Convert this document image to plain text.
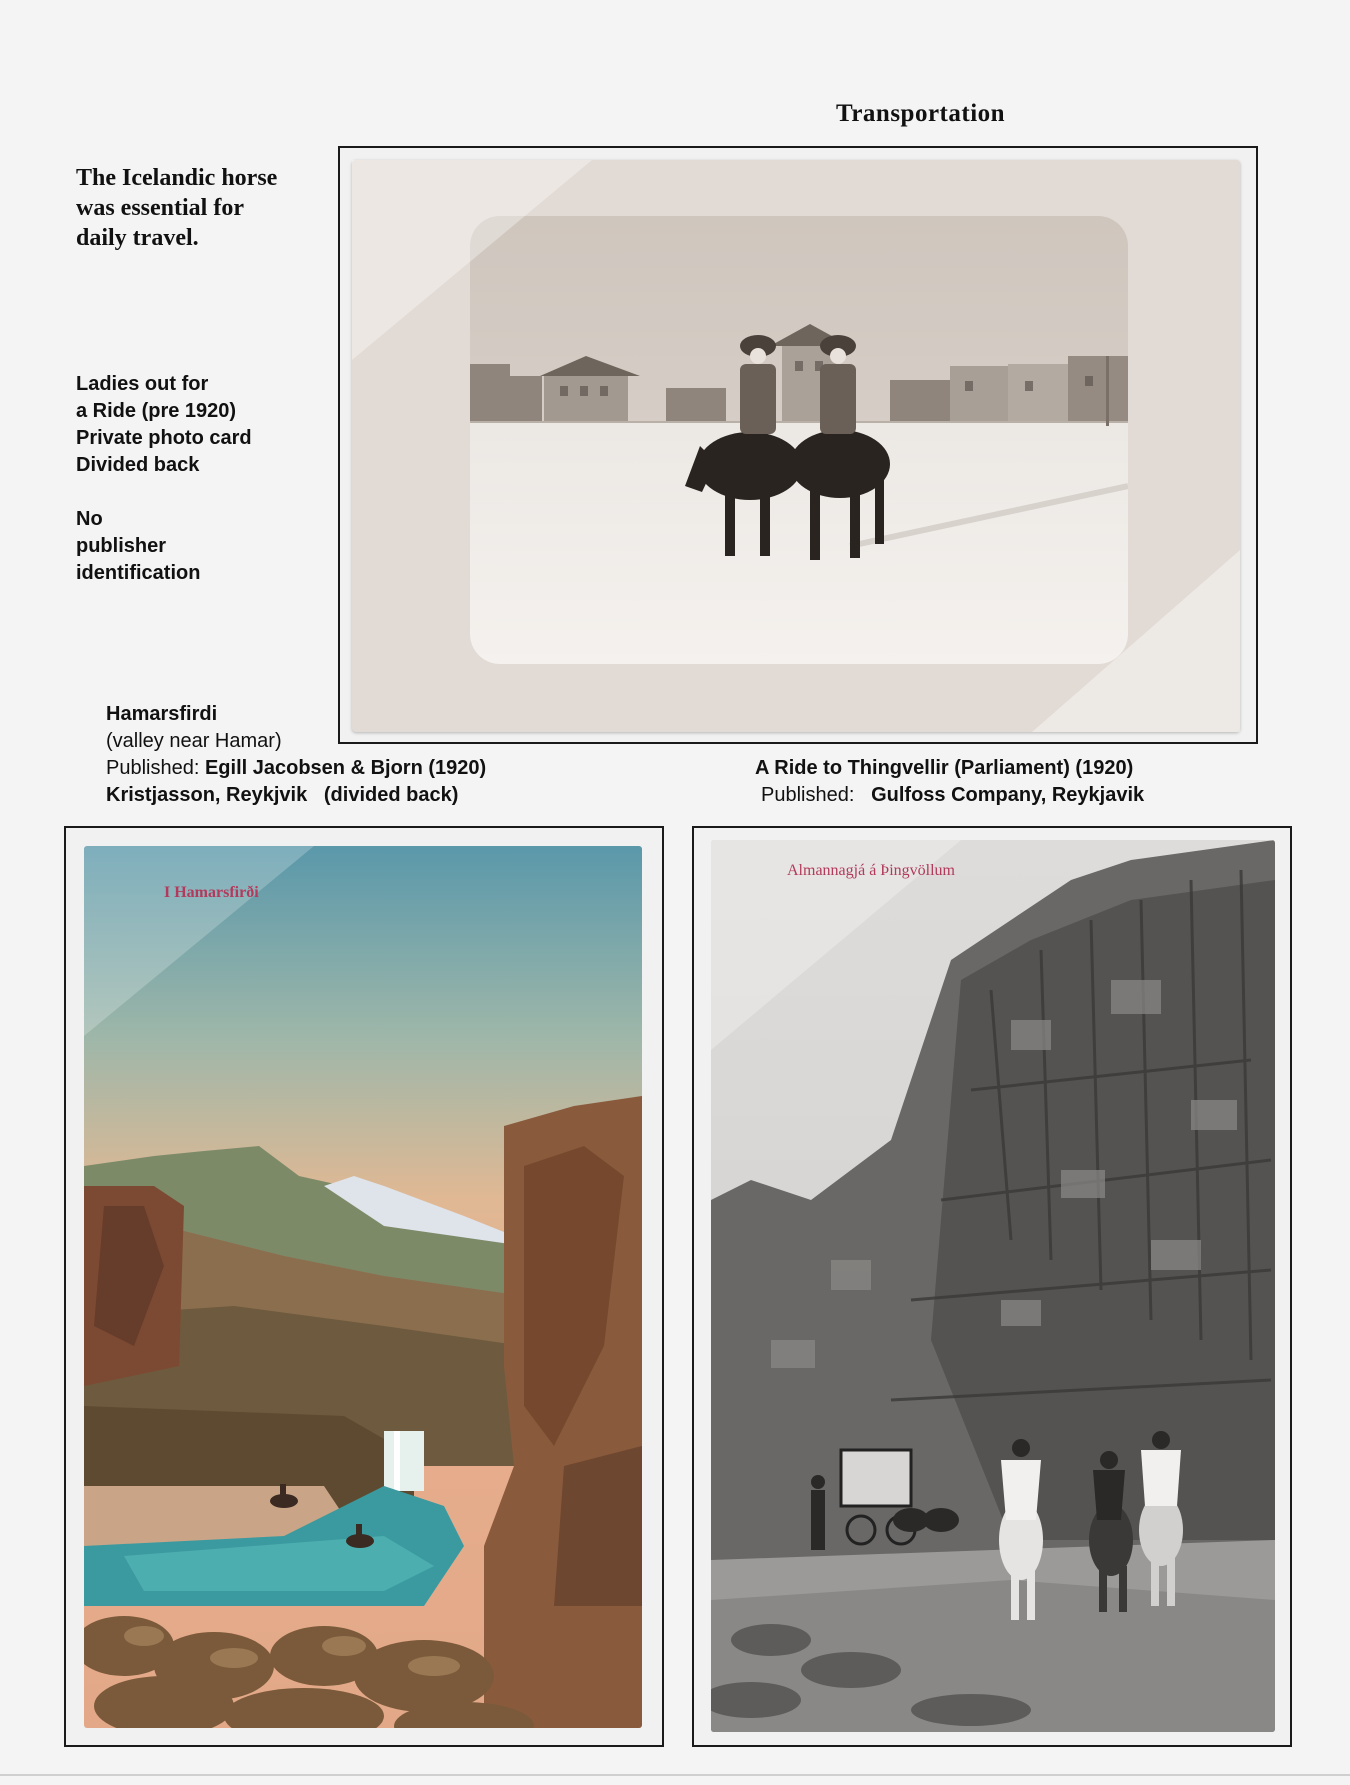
Transportation
The Icelandic horse was essential for daily travel.
Ladies out for
a Ride (pre 1920)
Private photo card
Divided back
No
publisher
identification
Hamarsfirdi
(valley near Hamar)
Published: Egill Jacobsen & Bjorn (1920)
Kristjasson, Reykjvik (divided back)
A Ride to Thingvellir (Parliament) (1920)
Published: Gulfoss Company, Reykjavik
I Hamarsfirði
Almannagjá á Þingvöllum
